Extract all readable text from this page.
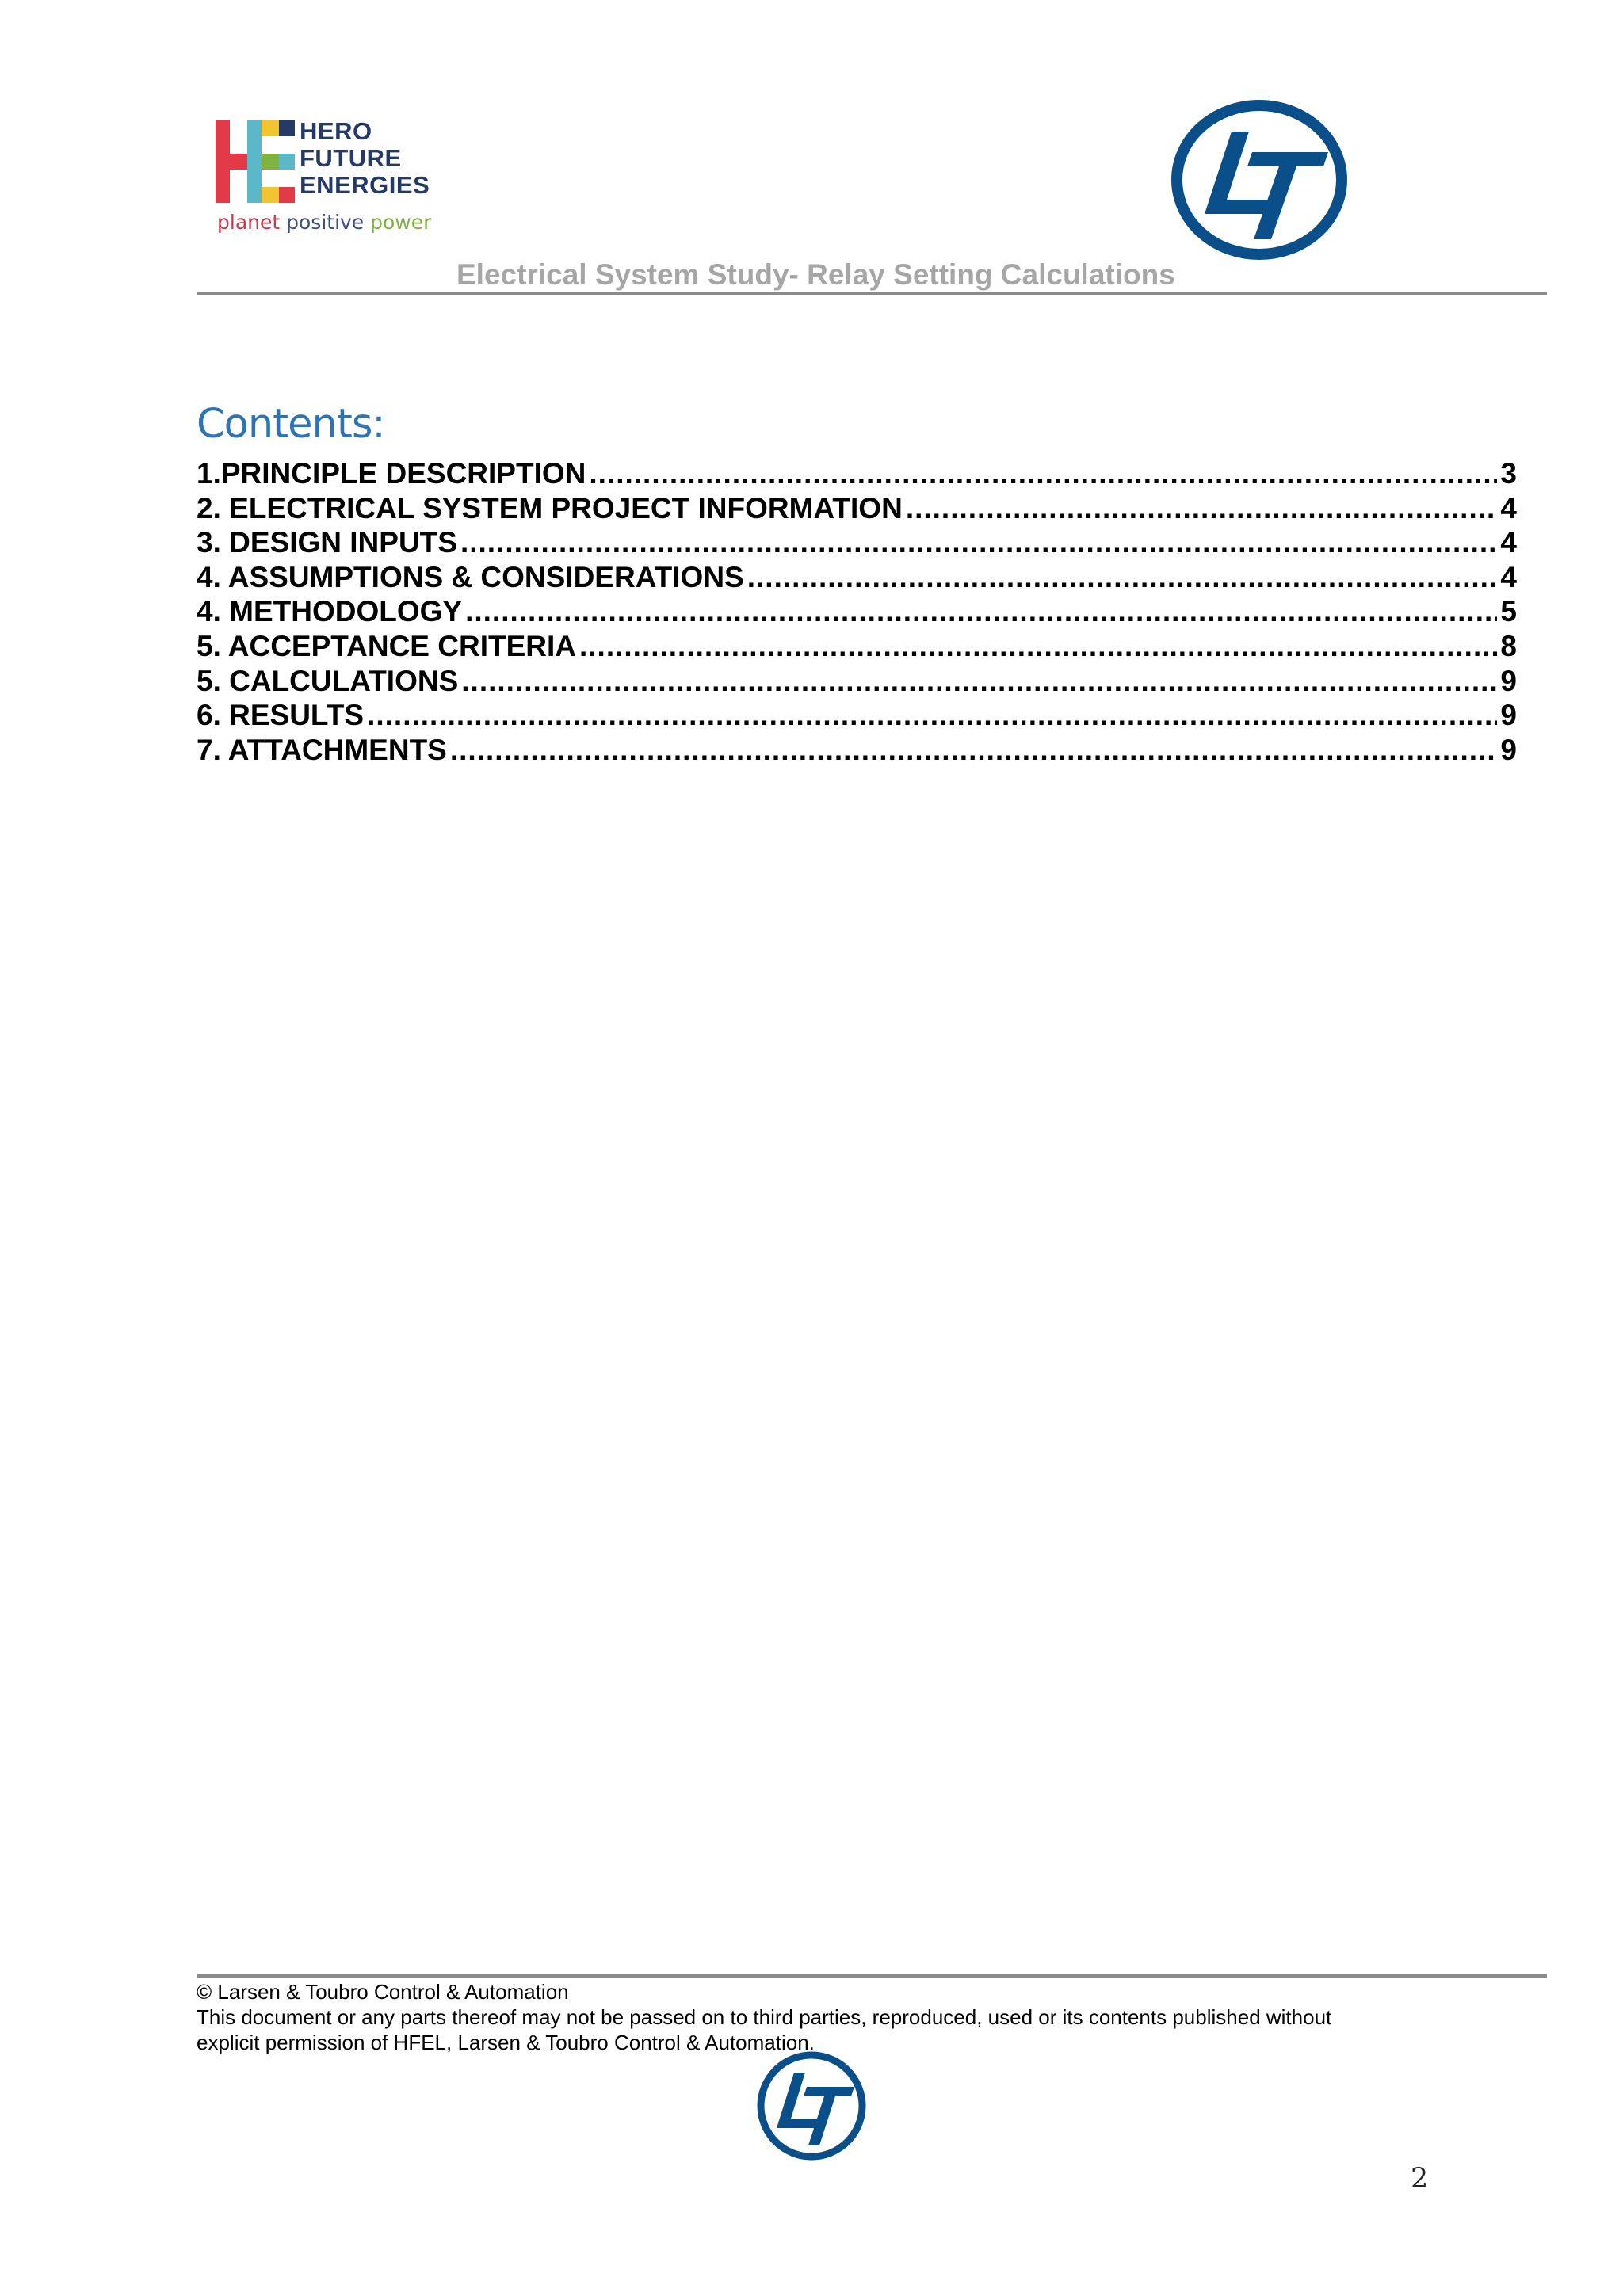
HERO
FUTURE
ENERGIES
planet positive power
Electrical System Study- Relay Setting Calculations
Contents:
1.PRINCIPLE DESCRIPTION .....	3
2. ELECTRICAL SYSTEM PROJECT INFORMATION .....	4
3. DESIGN INPUTS .....	4
4. ASSUMPTIONS & CONSIDERATIONS .....	4
4. METHODOLOGY .....	5
5. ACCEPTANCE CRITERIA .....	8
5. CALCULATIONS .....	9
6. RESULTS .....	9
7. ATTACHMENTS .....	9

© Larsen & Toubro Control & Automation

This document or any parts thereof may not be passed on to third parties, reproduced, used or its contents published without

explicit permission of HFEL, Larsen & Toubro Control & Automation.

2
